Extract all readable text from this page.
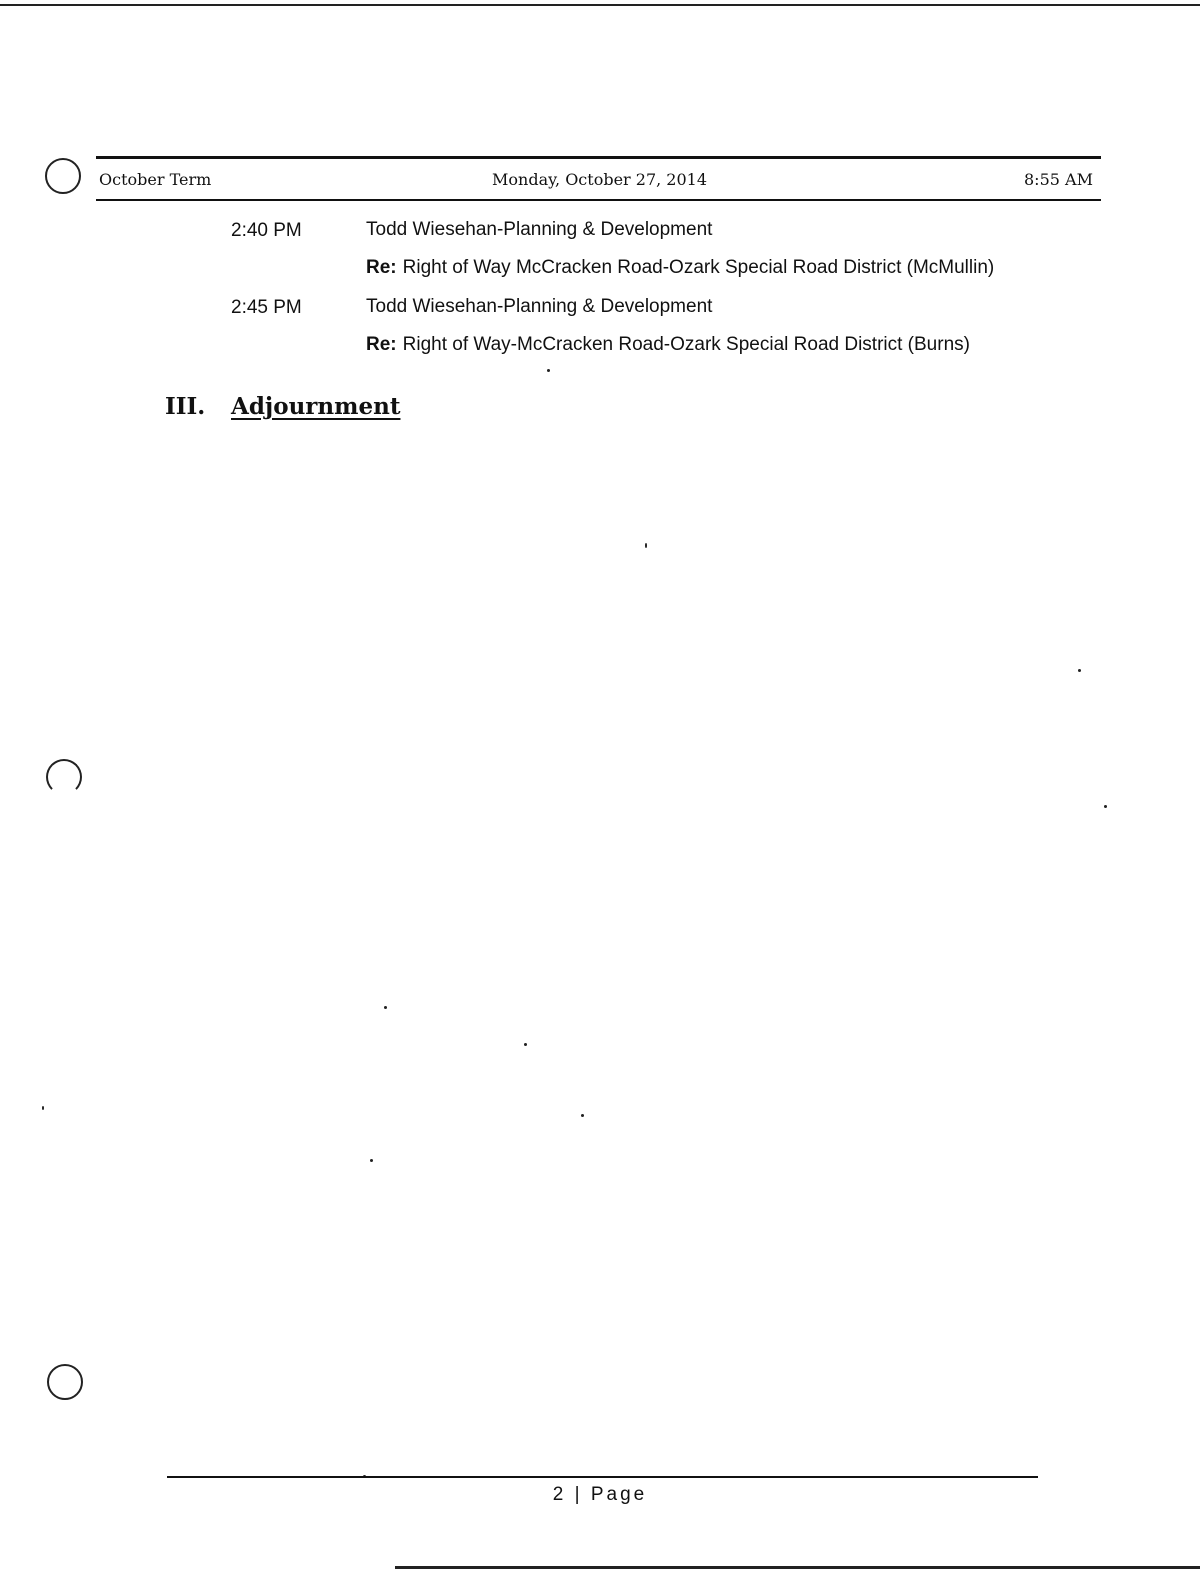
October Term	Monday, October 27, 2014	8:55 AM
2:40 PM	Todd Wiesehan-Planning & Development
Re: Right of Way McCracken Road-Ozark Special Road District (McMullin)
2:45 PM	Todd Wiesehan-Planning & Development
Re: Right of Way-McCracken Road-Ozark Special Road District (Burns)
III. Adjournment
2 | Page
